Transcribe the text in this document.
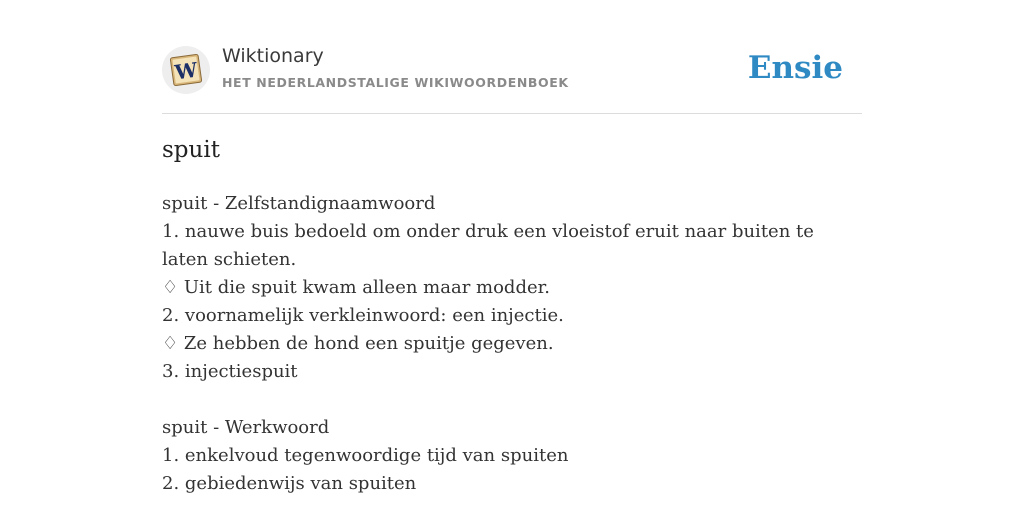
W
Wiktionary
HET NEDERLANDSTALIGE WIKIWOORDENBOEK	Ensie
spuit

spuit - Zelfstandignaamwoord

1. nauwe buis bedoeld om onder druk een vloeistof eruit naar buiten te laten schieten.

♢ Uit die spuit kwam alleen maar modder.

2. voornamelijk verkleinwoord: een injectie.

♢ Ze hebben de hond een spuitje gegeven.

3. injectiespuit

spuit - Werkwoord

1. enkelvoud tegenwoordige tijd van spuiten

2. gebiedenwijs van spuiten
